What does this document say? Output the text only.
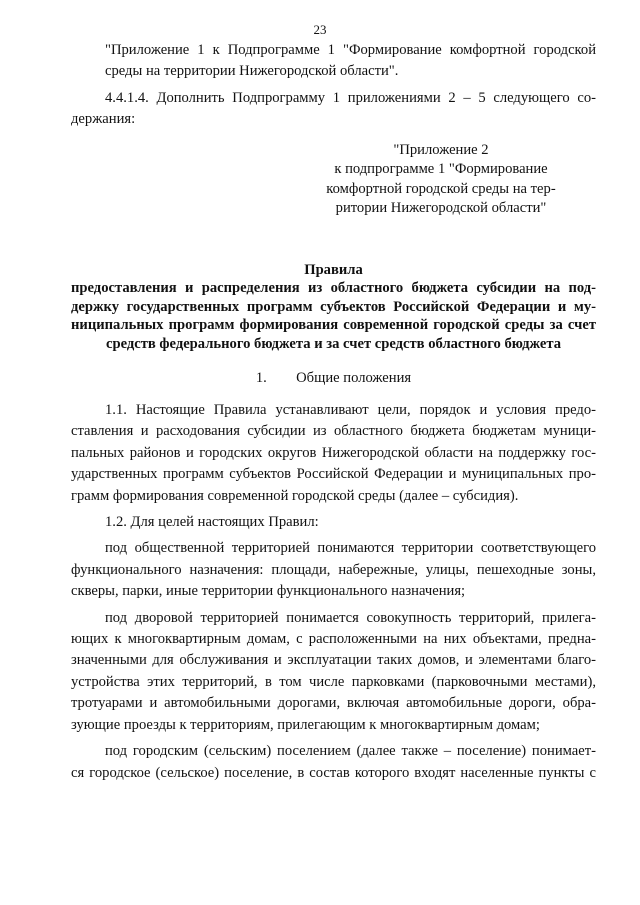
23
"Приложение 1 к Подпрограмме 1 "Формирование комфортной городской
среды на территории Нижегородской области".
4.4.1.4. Дополнить Подпрограмму 1 приложениями 2 – 5 следующего со-
держания:
"Приложение 2
к подпрограмме 1 "Формирование
комфортной городской среды на тер-
ритории Нижегородской области"
Правила
предоставления и распределения из областного бюджета субсидии на под-
держку государственных программ субъектов Российской Федерации и му-
ниципальных программ формирования современной городской среды за счет
средств федерального бюджета и за счет средств областного бюджета
1. Общие положения
1.1. Настоящие Правила устанавливают цели, порядок и условия предо-
ставления и расходования субсидии из областного бюджета бюджетам муници-
пальных районов и городских округов Нижегородской области на поддержку гос-
ударственных программ субъектов Российской Федерации и муниципальных про-
грамм формирования современной городской среды (далее – субсидия).
1.2. Для целей настоящих Правил:
под общественной территорией понимаются территории соответствующего
функционального назначения: площади, набережные, улицы, пешеходные зоны,
скверы, парки, иные территории функционального назначения;
под дворовой территорией понимается совокупность территорий, прилега-
ющих к многоквартирным домам, с расположенными на них объектами, предна-
значенными для обслуживания и эксплуатации таких домов, и элементами благо-
устройства этих территорий, в том числе парковками (парковочными местами),
тротуарами и автомобильными дорогами, включая автомобильные дороги, обра-
зующие проезды к территориям, прилегающим к многоквартирным домам;
под городским (сельским) поселением (далее также – поселение) понимает-
ся городское (сельское) поселение, в состав которого входят населенные пункты с
